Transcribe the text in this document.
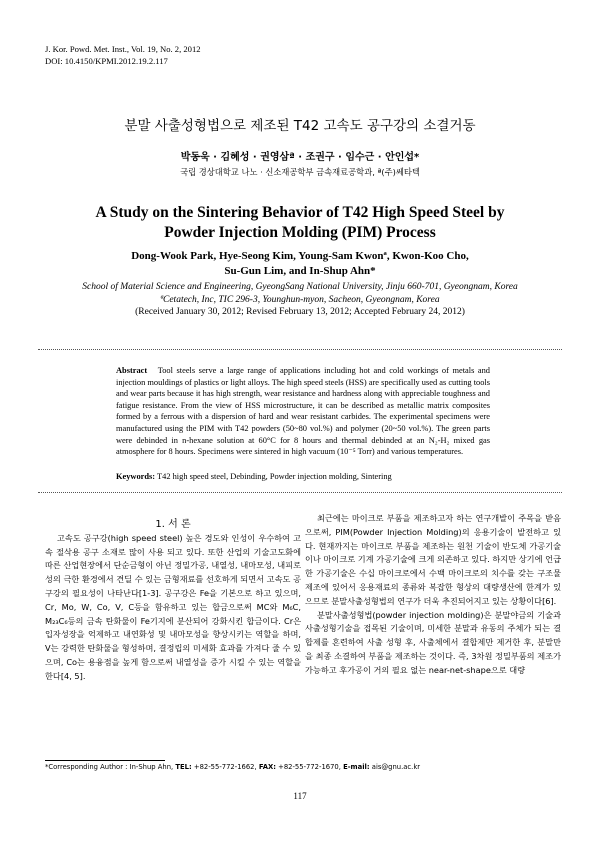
J. Kor. Powd. Met. Inst., Vol. 19, No. 2, 2012
DOI: 10.4150/KPMI.2012.19.2.117
분말 사출성형법으로 제조된 T42 고속도 공구강의 소결거동
박동욱 · 김혜성 · 권영삼ª · 조권구 · 임수근 · 안인섭*
국립 경상대학교 나노 · 신소재공학부 금속재료공학과, ª(주)쎄타텍
A Study on the Sintering Behavior of T42 High Speed Steel by
Powder Injection Molding (PIM) Process
Dong-Wook Park, Hye-Seong Kim, Young-Sam Kwonª, Kwon-Koo Cho,
Su-Gun Lim, and In-Shup Ahn*
School of Material Science and Engineering, GyeongSang National University, Jinju 660-701, Gyeongnam, Korea
ªCetatech, Inc, TIC 296-3, Younghun-myon, Sacheon, Gyeongnam, Korea
(Received January 30, 2012; Revised February 13, 2012; Accepted February 24, 2012)
Abstract Tool steels serve a large range of applications including hot and cold workings of metals and injection mouldings of plastics or light alloys. The high speed steels (HSS) are specifically used as cutting tools and wear parts because it has high strength, wear resistance and hardness along with appreciable toughness and fatigue resistance. From the view of HSS microstructure, it can be described as metallic matrix composites formed by a ferrous with a dispersion of hard and wear resistant carbides. The experimental specimens were manufactured using the PIM with T42 powders (50~80 vol.%) and polymer (20~50 vol.%). The green parts were debinded in n-hexane solution at 60°C for 8 hours and thermal debinded at an N₂-H₂ mixed gas atmosphere for 8 hours. Specimens were sintered in high vacuum (10⁻⁵ Torr) and various temperatures.
Keywords: T42 high speed steel, Debinding, Powder injection molding, Sintering

1. 서 론

고속도 공구강(high speed steel) 높은 경도와 인성이 우수하여 고속 절삭용 공구 소재로 많이 사용 되고 있다. 또한 산업의 기술고도화에 따른 산업현장에서 단순금형이 아닌 정밀가공, 내열성, 내마모성, 내피로성의 극한 환경에서 견딜 수 있는 금형재료를 선호하게 되면서 고속도 공구강의 필요성이 나타난다[1-3]. 공구강은 Fe을 기본으로 하고 있으며, Cr, Mo, W, Co, V, C등을 함유하고 있는 합금으로써 MC와 M₆C, M₂₃C₆등의 금속 탄화물이 Fe기지에 분산되어 강화시킨 합금이다. Cr은 입자성장을 억제하고 내연화성 및 내마모성을 향상시키는 역할을 하며, V는 강력한 탄화물을 형성하며, 결정립의 미세화 효과를 가져다 줄 수 있으며, Co는 용융점을 높게 함으로써 내열성을 증가 시킬 수 있는 역할을 한다[4, 5].

최근에는 마이크로 부품을 제조하고자 하는 연구개발이 주목을 받음으로써, PIM(Powder Injection Molding)의 응용기술이 발전하고 있다. 현재까지는 마이크로 부품을 제조하는 원천 기술이 반도체 가공기술이나 마이크로 기계 가공기술에 크게 의존하고 있다. 하지만 상기에 언급한 가공기술은 수십 마이크로에서 수백 마이크로의 치수를 갖는 구조물 제조에 있어서 응용재료의 종류와 복잡한 형상의 대량생산에 한계가 있으므로 분말사출성형법의 연구가 더욱 추진되어지고 있는 상황이다[6].

분말사출성형법(powder injection molding)은 분말야금의 기술과 사출성형기술을 접목된 기술이며, 미세한 분말과 유동의 주체가 되는 결합제를 혼련하여 사출 성형 후, 사출체에서 결합제만 제거한 후, 분말만을 최종 소결하여 부품을 제조하는 것이다. 즉, 3차원 정밀부품의 제조가 가능하고 후가공이 거의 필요 없는 near-net-shape으로 대량

*Corresponding Author : In-Shup Ahn, TEL: +82-55-772-1662, FAX: +82-55-772-1670, E-mail: ais@gnu.ac.kr
117
